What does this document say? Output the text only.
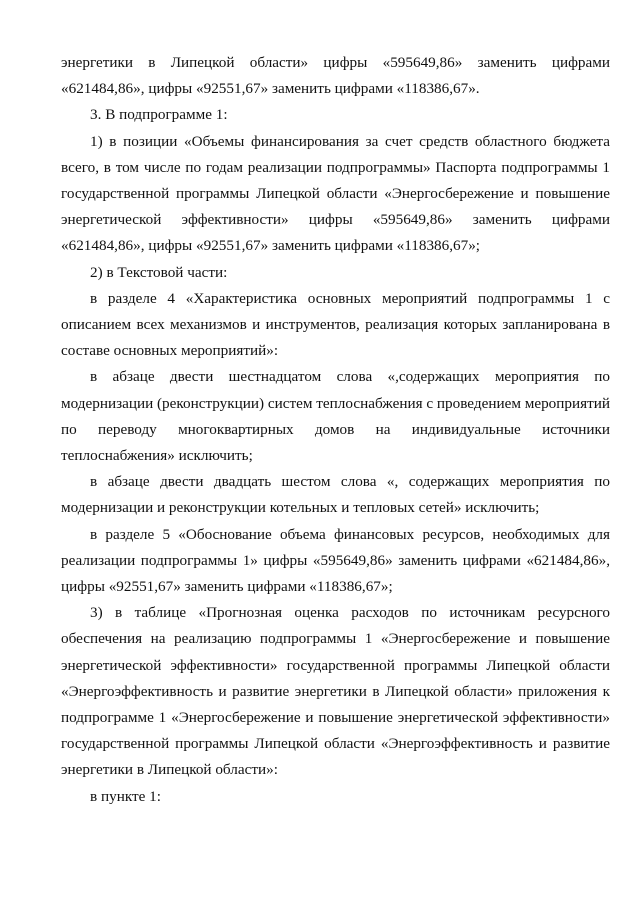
энергетики в Липецкой области» цифры «595649,86» заменить цифрами «621484,86», цифры «92551,67» заменить цифрами «118386,67».

3. В подпрограмме 1:

1) в позиции «Объемы финансирования за счет средств областного бюджета всего, в том числе по годам реализации подпрограммы» Паспорта подпрограммы 1 государственной программы Липецкой области «Энергосбережение и повышение энергетической эффективности» цифры «595649,86» заменить цифрами «621484,86», цифры «92551,67» заменить цифрами «118386,67»;

2) в Текстовой части:

в разделе 4 «Характеристика основных мероприятий подпрограммы 1 с описанием всех механизмов и инструментов, реализация которых запланирована в составе основных мероприятий»:

в абзаце двести шестнадцатом слова «,содержащих мероприятия по модернизации (реконструкции) систем теплоснабжения с проведением мероприятий по переводу многоквартирных домов на индивидуальные источники теплоснабжения» исключить;

в абзаце двести двадцать шестом слова «, содержащих мероприятия по модернизации и реконструкции котельных и тепловых сетей» исключить;

в разделе 5 «Обоснование объема финансовых ресурсов, необходимых для реализации подпрограммы 1» цифры «595649,86» заменить цифрами «621484,86», цифры «92551,67» заменить цифрами «118386,67»;

3) в таблице «Прогнозная оценка расходов по источникам ресурсного обеспечения на реализацию подпрограммы 1 «Энергосбережение и повышение энергетической эффективности» государственной программы Липецкой области «Энергоэффективность и развитие энергетики в Липецкой области» приложения к подпрограмме 1 «Энергосбережение и повышение энергетической эффективности» государственной программы Липецкой области «Энергоэффективность и развитие энергетики в Липецкой области»:

в пункте 1:
